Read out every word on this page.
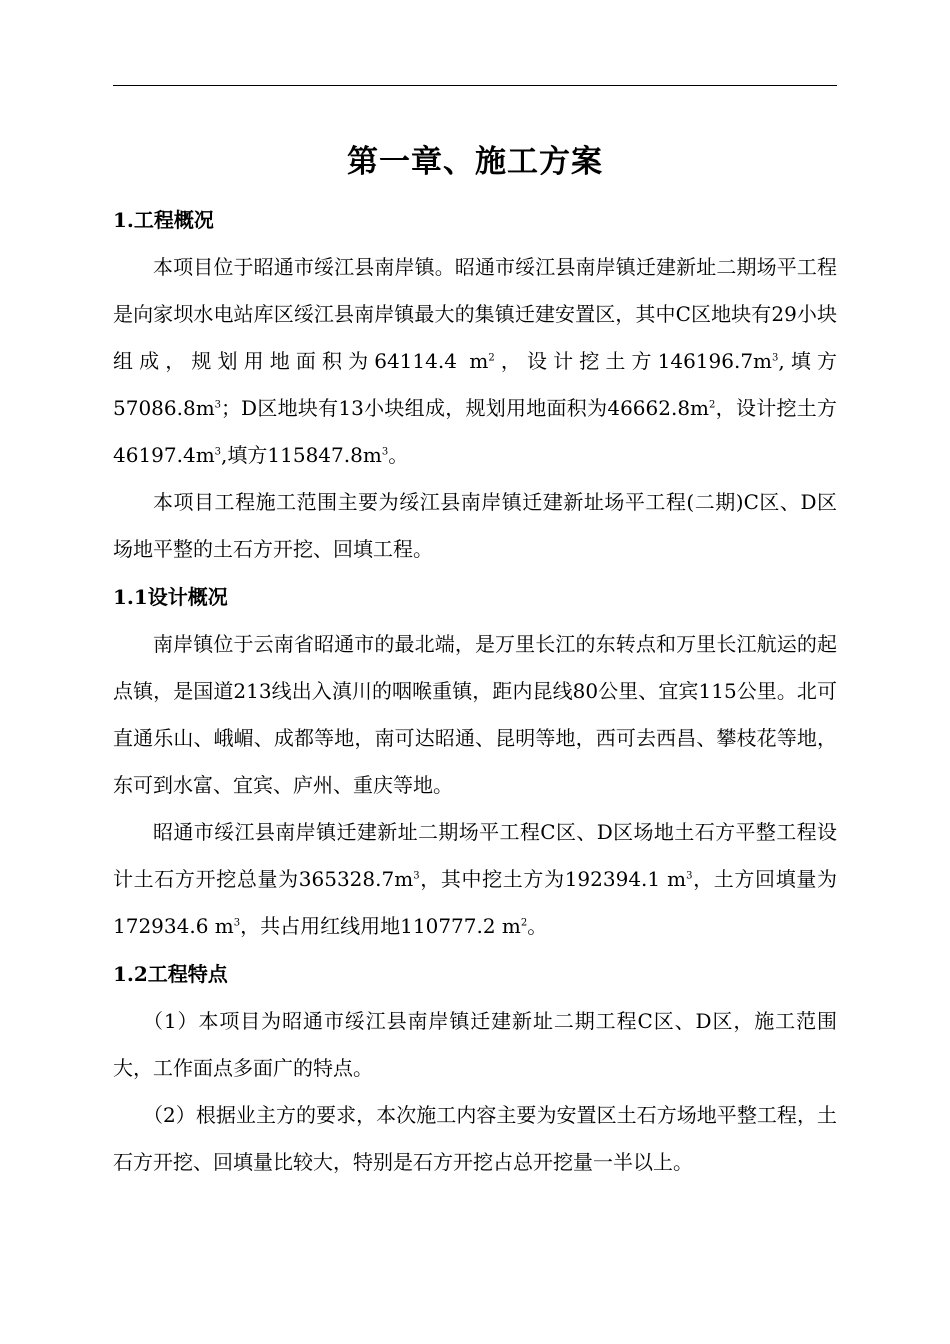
第一章、施工方案
1.工程概况

本项目位于昭通市绥江县南岸镇。昭通市绥江县南岸镇迁建新址二期场平工程是向家坝水电站库区绥江县南岸镇最大的集镇迁建安置区，其中C区地块有29小块组成，规划用地面积为64114.4 $m^2$，设计挖土方$146196.7m^3$,填方$57086.8m^3$；D区地块有13小块组成，规划用地面积为$46662.8m^2$，设计挖土方$46197.4m^3$,填方$115847.8m^3$。

本项目工程施工范围主要为绥江县南岸镇迁建新址场平工程(二期)C区、D区场地平整的土石方开挖、回填工程。

1.1设计概况

南岸镇位于云南省昭通市的最北端，是万里长江的东转点和万里长江航运的起点镇，是国道213线出入滇川的咽喉重镇，距内昆线80公里、宜宾115公里。北可直通乐山、峨嵋、成都等地，南可达昭通、昆明等地，西可去西昌、攀枝花等地，东可到水富、宜宾、庐州、重庆等地。

昭通市绥江县南岸镇迁建新址二期场平工程C区、D区场地土石方平整工程设计土石方开挖总量为$365328.7m^3$，其中挖土方为192394.1 $m^3$，土方回填量为172934.6 $m^3$，共占用红线用地110777.2 $m^2$。

1.2工程特点

（1）本项目为昭通市绥江县南岸镇迁建新址二期工程C区、D区，施工范围大，工作面点多面广的特点。

（2）根据业主方的要求，本次施工内容主要为安置区土石方场地平整工程，土石方开挖、回填量比较大，特别是石方开挖占总开挖量一半以上。
